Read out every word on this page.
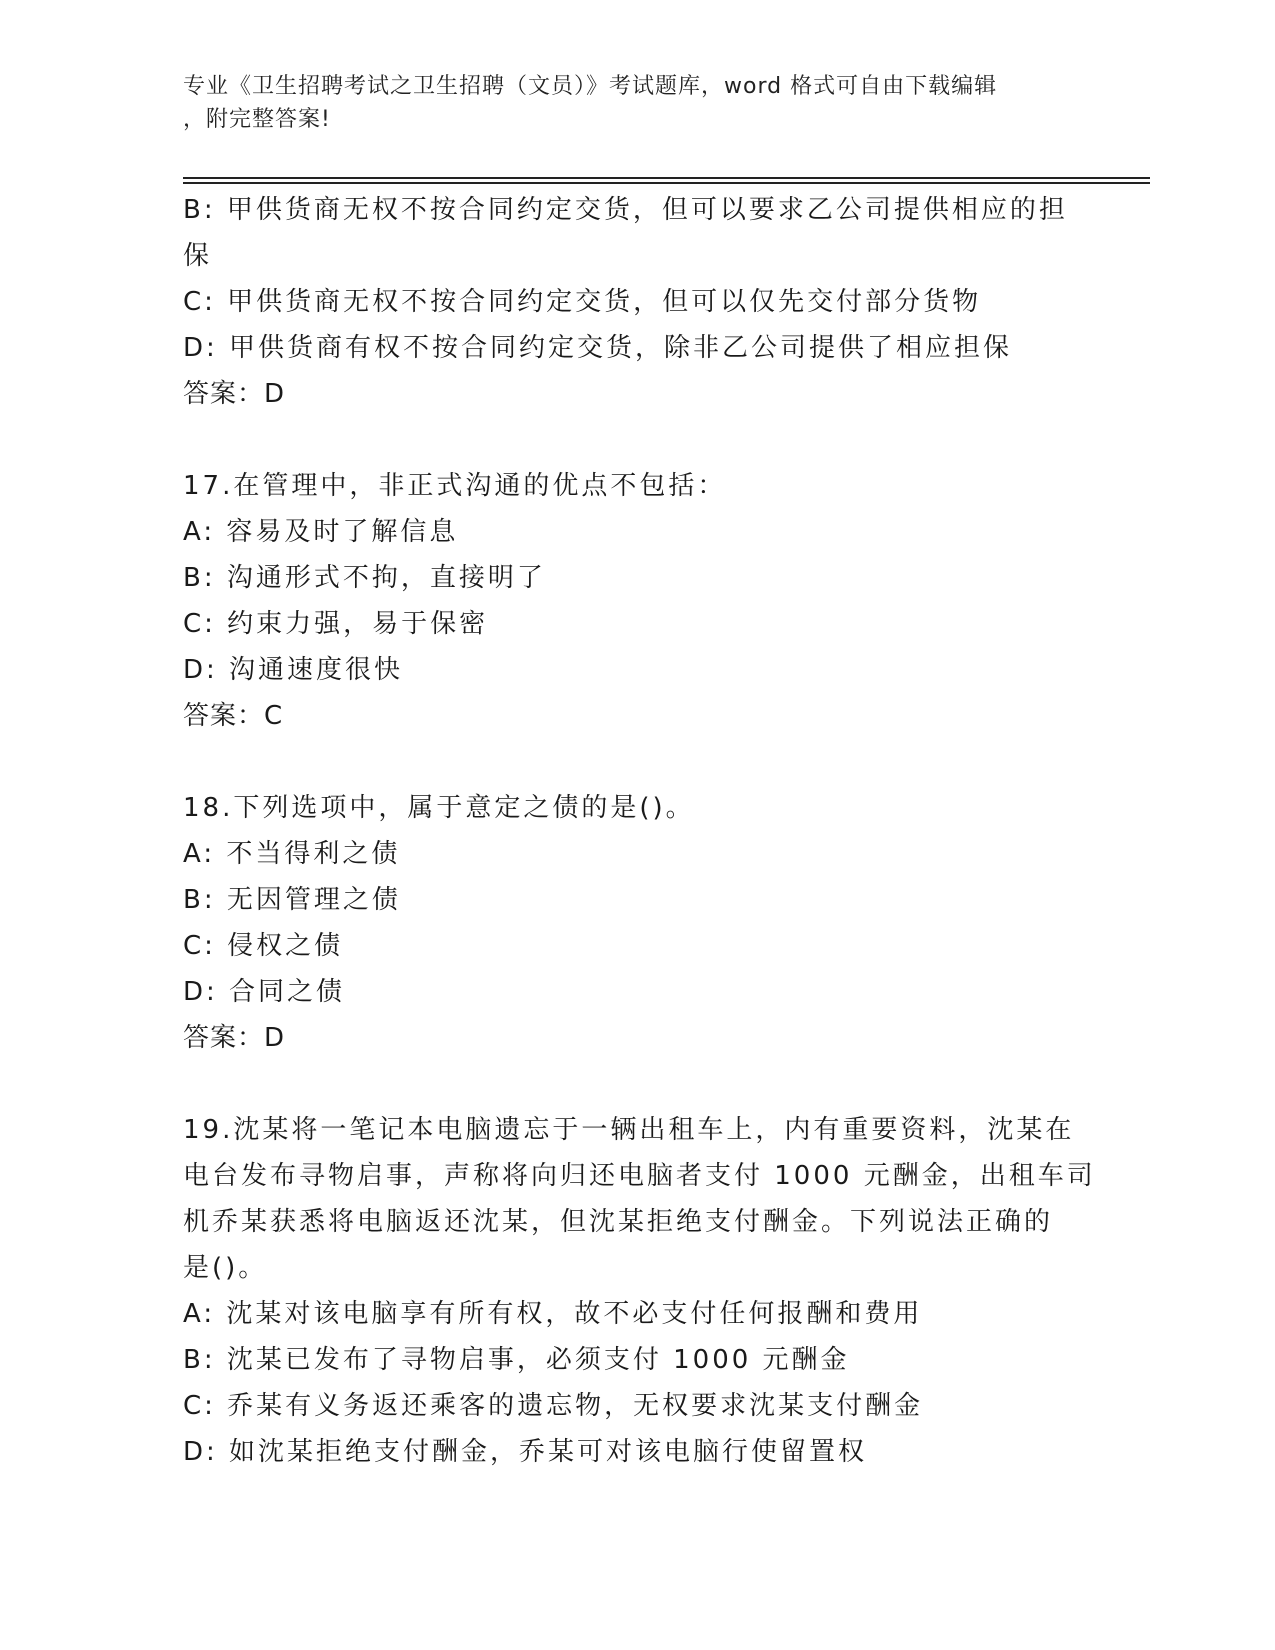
专业《卫生招聘考试之卫生招聘（文员）》考试题库，word 格式可自由下载编辑
，附完整答案!

B: 甲供货商无权不按合同约定交货，但可以要求乙公司提供相应的担

保

C: 甲供货商无权不按合同约定交货，但可以仅先交付部分货物

D: 甲供货商有权不按合同约定交货，除非乙公司提供了相应担保

答案：D

17.在管理中，非正式沟通的优点不包括：

A: 容易及时了解信息

B: 沟通形式不拘，直接明了

C: 约束力强，易于保密

D: 沟通速度很快

答案：C

18.下列选项中，属于意定之债的是()。

A: 不当得利之债

B: 无因管理之债

C: 侵权之债

D: 合同之债

答案：D

19.沈某将一笔记本电脑遗忘于一辆出租车上，内有重要资料，沈某在

电台发布寻物启事，声称将向归还电脑者支付 1000 元酬金，出租车司

机乔某获悉将电脑返还沈某，但沈某拒绝支付酬金。下列说法正确的

是()。

A: 沈某对该电脑享有所有权，故不必支付任何报酬和费用

B: 沈某已发布了寻物启事，必须支付 1000 元酬金

C: 乔某有义务返还乘客的遗忘物，无权要求沈某支付酬金

D: 如沈某拒绝支付酬金，乔某可对该电脑行使留置权
